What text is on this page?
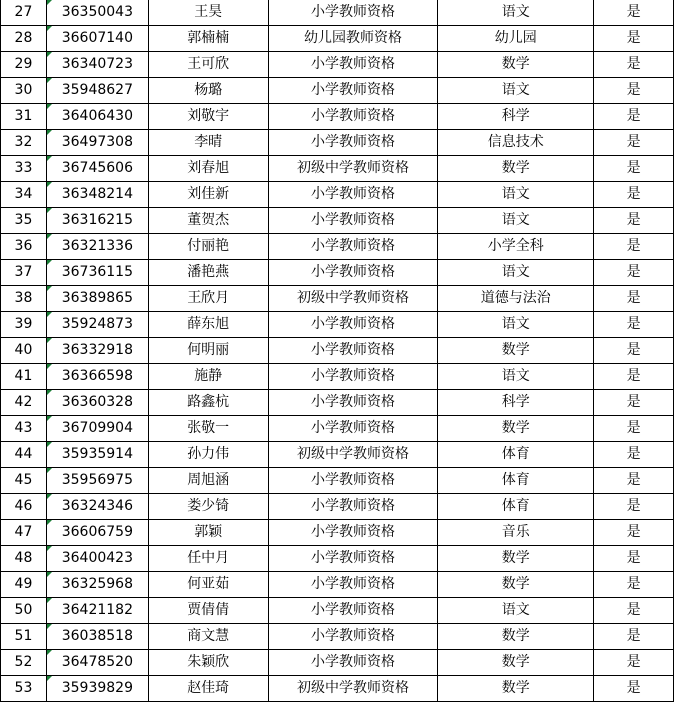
27	36350043	王昊	小学教师资格	语文	是
28	36607140	郭楠楠	幼儿园教师资格	幼儿园	是
29	36340723	王可欣	小学教师资格	数学	是
30	35948627	杨璐	小学教师资格	语文	是
31	36406430	刘敬宇	小学教师资格	科学	是
32	36497308	李晴	小学教师资格	信息技术	是
33	36745606	刘春旭	初级中学教师资格	数学	是
34	36348214	刘佳新	小学教师资格	语文	是
35	36316215	董贺杰	小学教师资格	语文	是
36	36321336	付丽艳	小学教师资格	小学全科	是
37	36736115	潘艳燕	小学教师资格	语文	是
38	36389865	王欣月	初级中学教师资格	道德与法治	是
39	35924873	薛东旭	小学教师资格	语文	是
40	36332918	何明丽	小学教师资格	数学	是
41	36366598	施静	小学教师资格	语文	是
42	36360328	路鑫杭	小学教师资格	科学	是
43	36709904	张敬一	小学教师资格	数学	是
44	35935914	孙力伟	初级中学教师资格	体育	是
45	35956975	周旭涵	小学教师资格	体育	是
46	36324346	娄少锜	小学教师资格	体育	是
47	36606759	郭颖	小学教师资格	音乐	是
48	36400423	任中月	小学教师资格	数学	是
49	36325968	何亚茹	小学教师资格	数学	是
50	36421182	贾倩倩	小学教师资格	语文	是
51	36038518	商文慧	小学教师资格	数学	是
52	36478520	朱颖欣	小学教师资格	数学	是
53	35939829	赵佳琦	初级中学教师资格	数学	是
